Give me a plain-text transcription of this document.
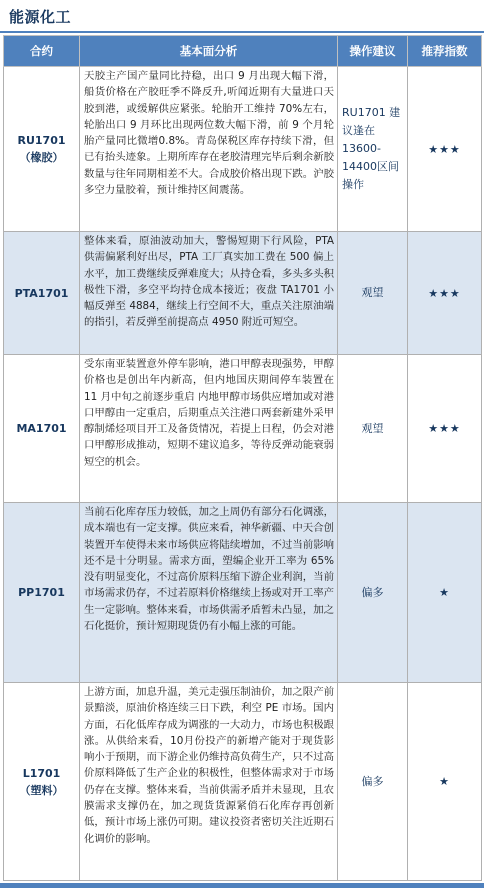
能源化工
合约	基本面分析	操作建议	推荐指数

RU1701
（橡胶）	天胶主产国产量同比持稳，出口 9 月出现大幅下滑，船货价格在产胶旺季不降反升,听闻近期有大量进口天胶到港，或缓解供应紧张。轮胎开工维持 70%左右，轮胎出口 9 月环比出现两位数大幅下滑，前 9 个月轮胎产量同比微增0.8%。青岛保税区库存持续下滑，但已有抬头迹象。上期所库存在老胶清理完毕后剩余新胶数量与往年同期相差不大。合成胶价格出现下跌。沪胶多空力量胶着，预计维持区间震荡。	RU1701 建议逢在13600-14400区间操作	★★★

PTA1701	整体来看，原油波动加大，警惕短期下行风险，PTA 供需偏紧利好出尽，PTA 工厂真实加工费在 500 偏上水平，加工费继续反弹难度大；从持仓看，多头多头积极性下滑，多空平均持仓成本接近；夜盘 TA1701 小幅反弹至 4884，继续上行空间不大，重点关注原油端的指引，若反弹至前提高点 4950 附近可短空。	观望	★★★

MA1701	受东南亚装置意外停车影响，港口甲醇表现强势，甲醇价格也是创出年内新高，但内地国庆期间停车装置在 11 月中旬之前逐步重启 内地甲醇市场供应增加或对港口甲醇由一定重启，后期重点关注港口两套新建外采甲醇制烯烃项目开工及备货情况，若提上日程，仍会对港口甲醇形成推动，短期不建议追多，等待反弹动能衰弱短空的机会。	观望	★★★

PP1701	当前石化库存压力较低，加之上周仍有部分石化调涨，成本端也有一定支撑。供应来看，神华新疆、中天合创装置开车使得未来市场供应将陆续增加，不过当前影响还不是十分明显。需求方面，塑编企业开工率为 65%没有明显变化，不过高价原料压缩下游企业利润，当前市场需求仍存，不过若原料价格继续上扬或对开工率产生一定影响。整体来看，市场供需矛盾暂未凸显，加之石化挺价，预计短期现货仍有小幅上涨的可能。	偏多	★

L1701
（塑料）	上游方面，加息升温，美元走强压制油价，加之限产前景黯淡，原油价格连续三日下跌，利空 PE 市场。国内方面，石化低库存成为调涨的一大动力，市场也积极跟涨。从供给来看，10月份投产的新增产能对于现货影响小于预期，而下游企业仍维持高负荷生产，只不过高价原料降低了生产企业的积极性，但整体需求对于市场仍存在支撑。整体来看，当前供需矛盾并未显现，且农膜需求支撑仍在，加之现货货源紧俏石化库存再创新低，预计市场上涨仍可期。建议投资者密切关注近期石化调价的影响。	偏多	★
